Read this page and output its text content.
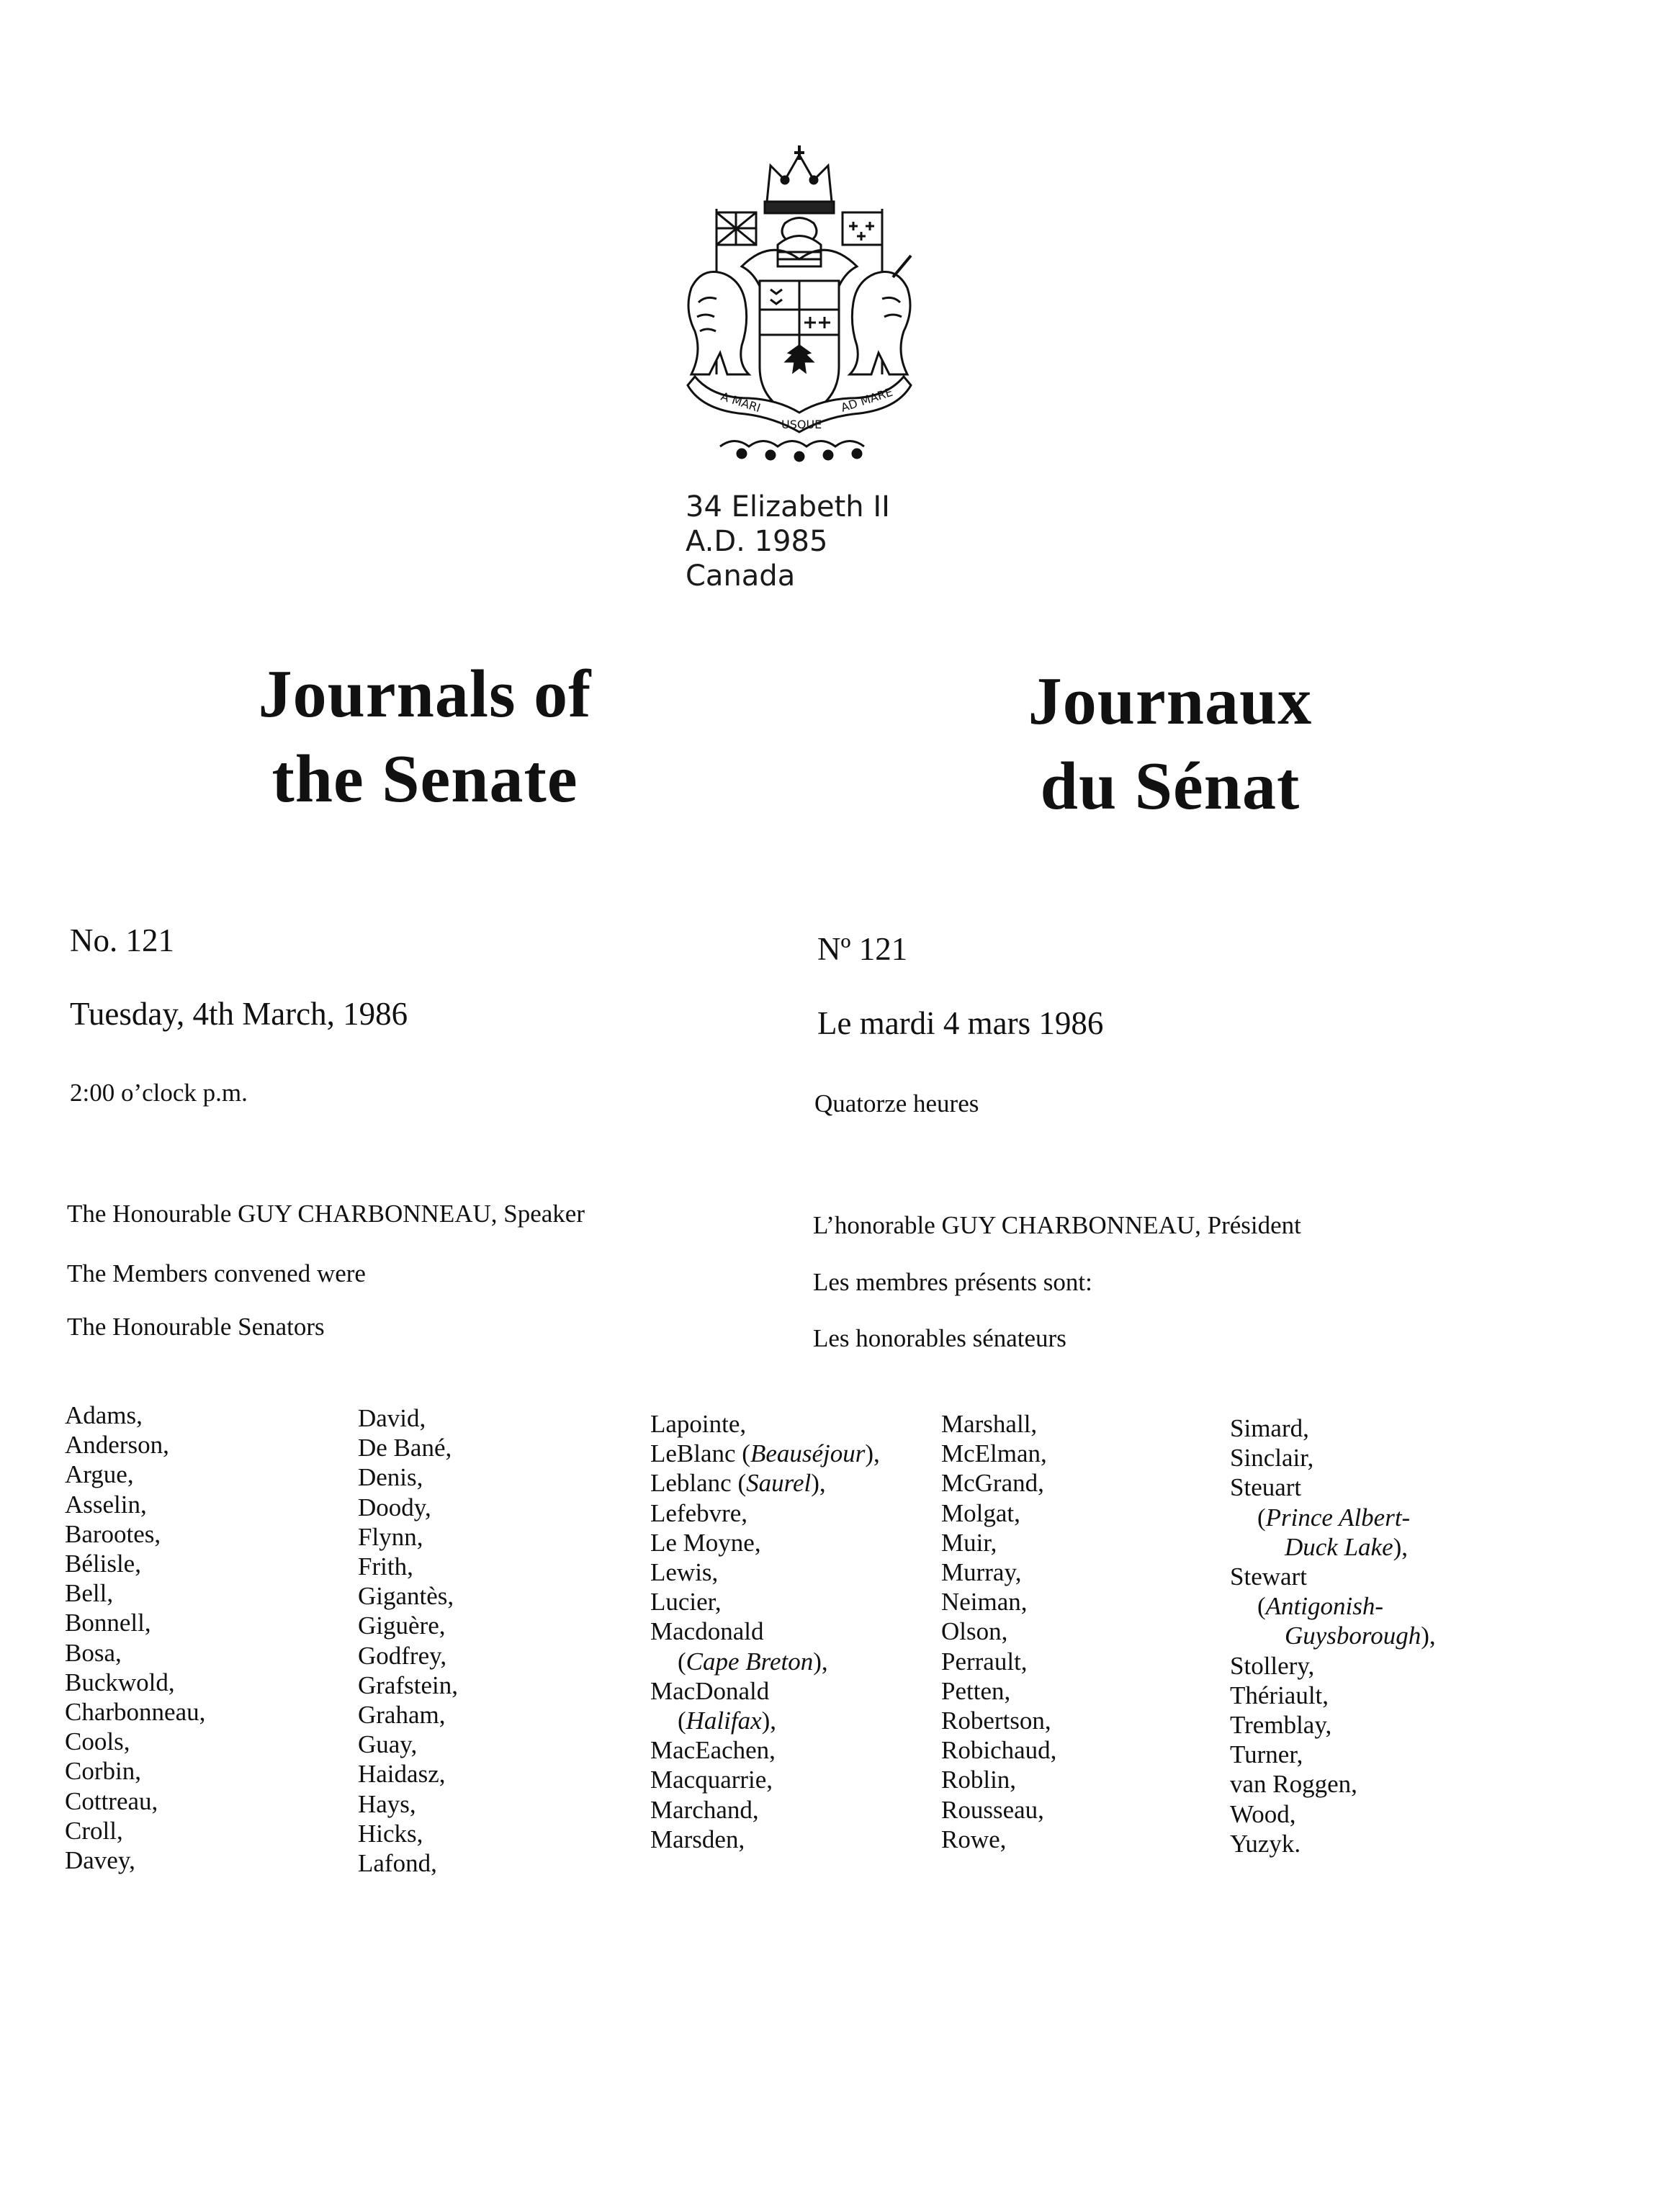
A MARI
USQUE
AD MARE
34 Elizabeth II
A.D. 1985
Canada
Journals of
the Senate
Journaux
du Sénat
No. 121
Tuesday, 4th March, 1986
2:00 o’clock p.m.
The Honourable GUY CHARBONNEAU, Speaker
The Members convened were
The Honourable Senators
Nº 121
Le mardi 4 mars 1986
Quatorze heures
L’honorable GUY CHARBONNEAU, Président
Les membres présents sont:
Les honorables sénateurs
Adams,
Anderson,
Argue,
Asselin,
Barootes,
Bélisle,
Bell,
Bonnell,
Bosa,
Buckwold,
Charbonneau,
Cools,
Corbin,
Cottreau,
Croll,
Davey,
David,
De Bané,
Denis,
Doody,
Flynn,
Frith,
Gigantès,
Giguère,
Godfrey,
Grafstein,
Graham,
Guay,
Haidasz,
Hays,
Hicks,
Lafond,
Lapointe,
LeBlanc (Beauséjour),
Leblanc (Saurel),
Lefebvre,
Le Moyne,
Lewis,
Lucier,
Macdonald
(Cape Breton),
MacDonald
(Halifax),
MacEachen,
Macquarrie,
Marchand,
Marsden,
Marshall,
McElman,
McGrand,
Molgat,
Muir,
Murray,
Neiman,
Olson,
Perrault,
Petten,
Robertson,
Robichaud,
Roblin,
Rousseau,
Rowe,
Simard,
Sinclair,
Steuart
(Prince Albert-
Duck Lake),
Stewart
(Antigonish-
Guysborough),
Stollery,
Thériault,
Tremblay,
Turner,
van Roggen,
Wood,
Yuzyk.
